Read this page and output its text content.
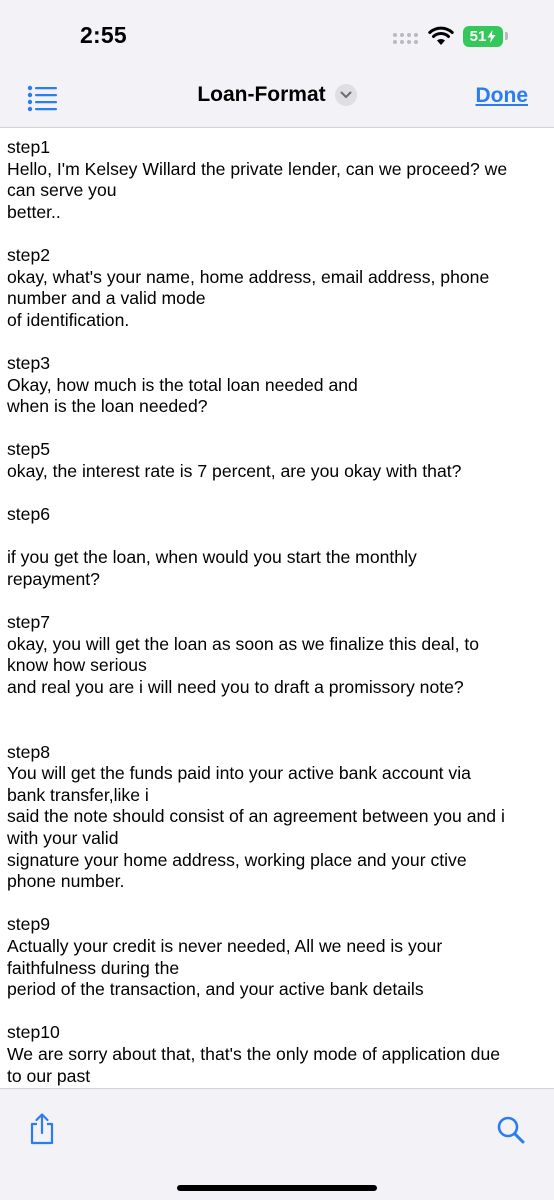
2:55	51
Loan-Format	Done
step1
Hello, I'm Kelsey Willard the private lender, can we proceed? we
can serve you
better..
step2
okay, what's your name, home address, email address, phone
number and a valid mode
of identification.
step3
Okay, how much is the total loan needed and
when is the loan needed?
step5
okay, the interest rate is 7 percent, are you okay with that?
step6
if you get the loan, when would you start the monthly
repayment?
step7
okay, you will get the loan as soon as we finalize this deal, to
know how serious
and real you are i will need you to draft a promissory note?
step8
You will get the funds paid into your active bank account via
bank transfer,like i
said the note should consist of an agreement between you and i
with your valid
signature your home address, working place and your ctive
phone number.
step9
Actually your credit is never needed, All we need is your
faithfulness during the
period of the transaction, and your active bank details
step10
We are sorry about that, that's the only mode of application due
to our past
